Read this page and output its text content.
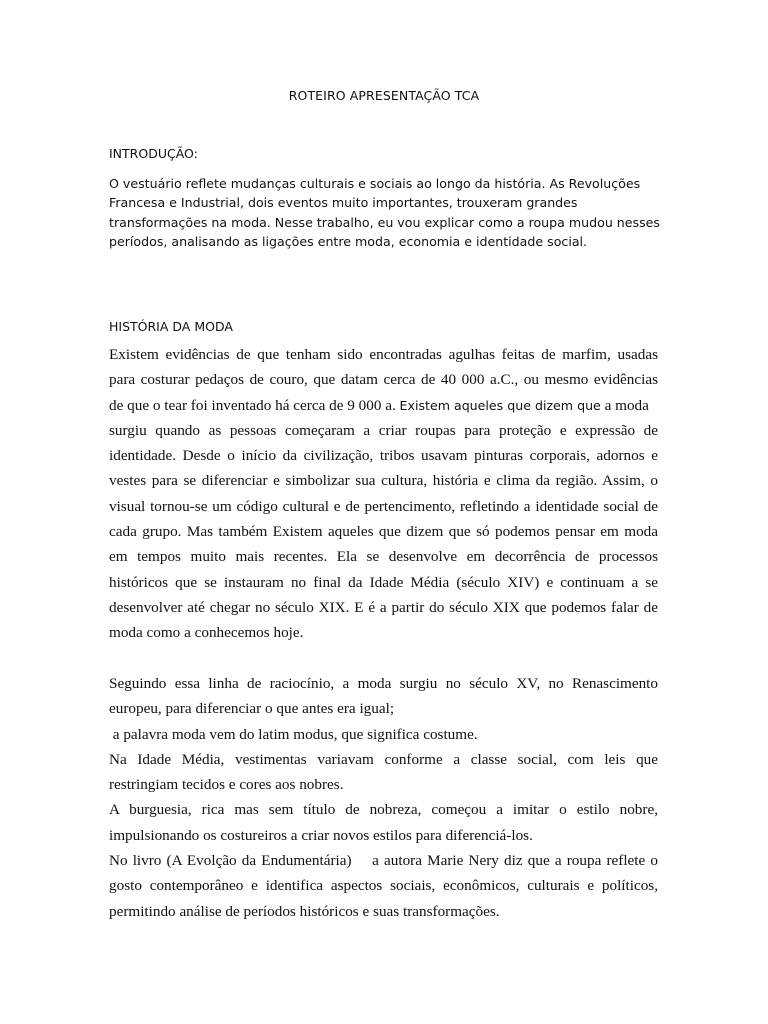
ROTEIRO APRESENTAÇÃO TCA
INTRODUÇÃO:
O vestuário reflete mudanças culturais e sociais ao longo da história. As Revoluções
Francesa e Industrial, dois eventos muito importantes, trouxeram grandes
transformações na moda. Nesse trabalho, eu vou explicar como a roupa mudou nesses
períodos, analisando as ligações entre moda, economia e identidade social.
HISTÓRIA DA MODA
Existem evidências de que tenham sido encontradas agulhas feitas de marfim, usadas
para costurar pedaços de couro, que datam cerca de 40 000 a.C., ou mesmo evidências
de que o tear foi inventado há cerca de 9 000 a. Existem aqueles que dizem que a moda
surgiu quando as pessoas começaram a criar roupas para proteção e expressão de
identidade. Desde o início da civilização, tribos usavam pinturas corporais, adornos e
vestes para se diferenciar e simbolizar sua cultura, história e clima da região. Assim, o
visual tornou-se um código cultural e de pertencimento, refletindo a identidade social de
cada grupo. Mas também Existem aqueles que dizem que só podemos pensar em moda
em tempos muito mais recentes. Ela se desenvolve em decorrência de processos
históricos que se instauram no final da Idade Média (século XIV) e continuam a se
desenvolver até chegar no século XIX. E é a partir do século XIX que podemos falar de
moda como a conhecemos hoje.
Seguindo essa linha de raciocínio, a moda surgiu no século XV, no Renascimento
europeu, para diferenciar o que antes era igual;
a palavra moda vem do latim modus, que significa costume.
Na Idade Média, vestimentas variavam conforme a classe social, com leis que
restringiam tecidos e cores aos nobres.
A burguesia, rica mas sem título de nobreza, começou a imitar o estilo nobre,
impulsionando os costureiros a criar novos estilos para diferenciá-los.
No livro (A Evolção da Endumentária)    a autora Marie Nery diz que a roupa reflete o
gosto contemporâneo e identifica aspectos sociais, econômicos, culturais e políticos,
permitindo análise de períodos históricos e suas transformações.
